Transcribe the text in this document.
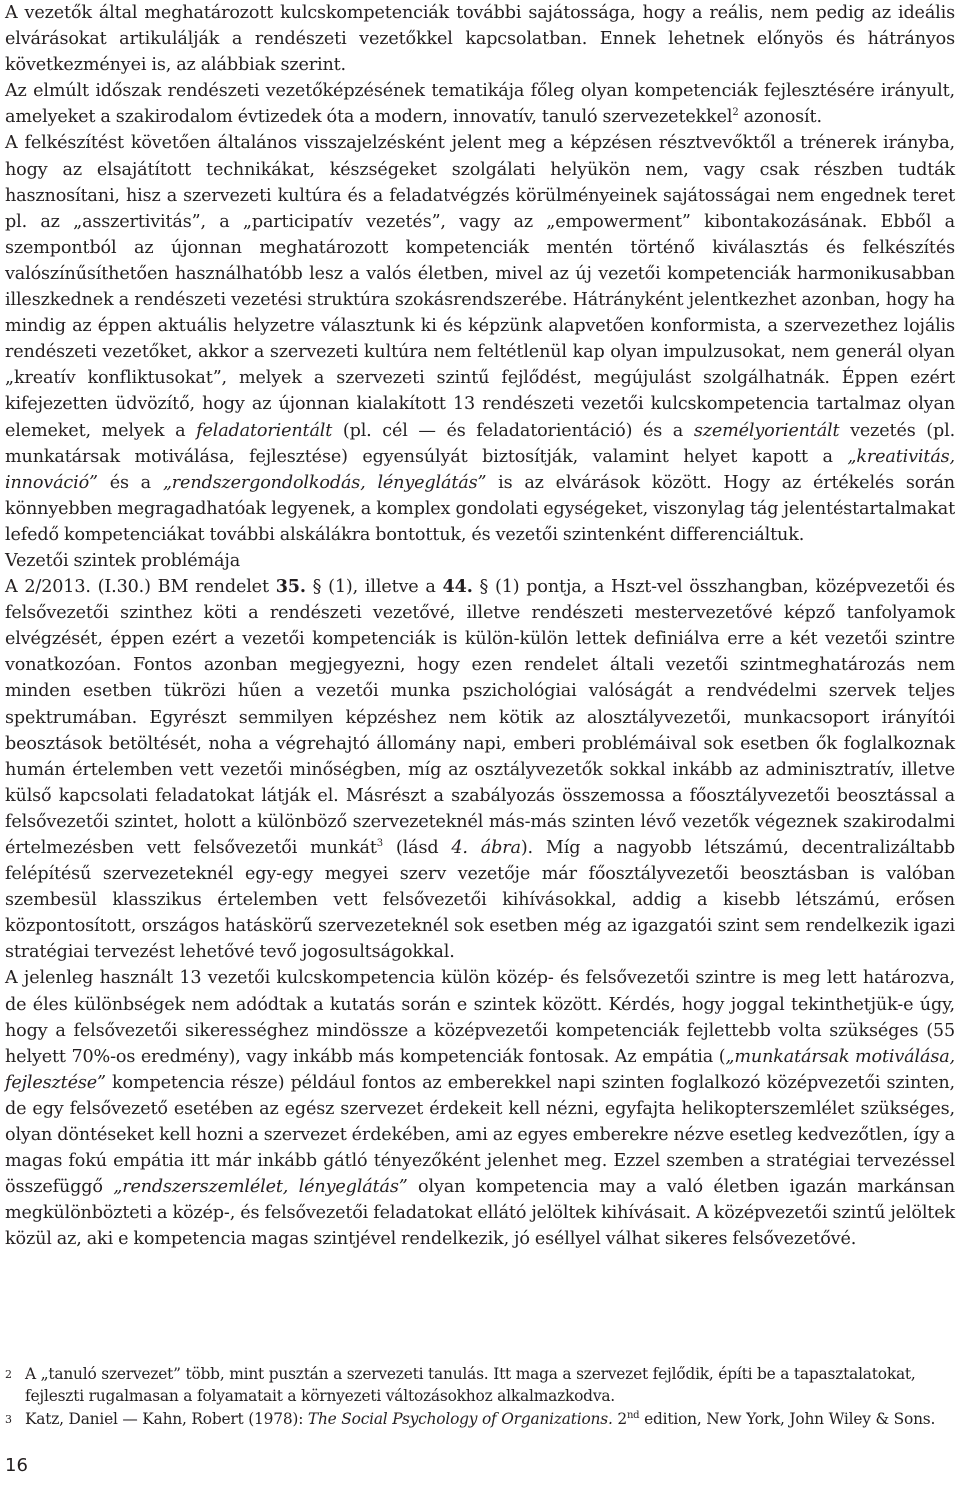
A vezetők által meghatározott kulcskompetenciák további sajátossága, hogy a reális, nem pedig az ideális elvárásokat artikulálják a rendészeti vezetőkkel kapcsolatban. Ennek lehetnek előnyös és hátrányos következményei is, az alábbiak szerint.

Az elmúlt időszak rendészeti vezetőképzésének tematikája főleg olyan kompetenciák fejlesztésére irányult, amelyeket a szakirodalom évtizedek óta a modern, innovatív, tanuló szervezetekkel$^2$ azonosít.

A felkészítést követően általános visszajelzésként jelent meg a képzésen résztvevőktől a trénerek irányba, hogy az elsajátított technikákat, készségeket szolgálati helyükön nem, vagy csak részben tudták hasznosítani, hisz a szervezeti kultúra és a feladatvégzés körülményeinek sajátosságai nem engednek teret pl. az „asszertivitás”, a „participatív vezetés”, vagy az „empowerment” kibontakozásának. Ebből a szempontból az újonnan meghatározott kompetenciák mentén történő kiválasztás és felkészítés valószínűsíthetően használhatóbb lesz a valós életben, mivel az új vezetői kompetenciák harmonikusabban illeszkednek a rendészeti vezetési struktúra szokásrendszerébe. Hátrányként jelentkezhet azonban, hogy ha mindig az éppen aktuális helyzetre választunk ki és képzünk alapvetően konformista, a szervezethez lojális rendészeti vezetőket, akkor a szervezeti kultúra nem feltétlenül kap olyan impulzusokat, nem generál olyan „kreatív konfliktusokat”, melyek a szervezeti szintű fejlődést, megújulást szolgálhatnák. Éppen ezért kifejezetten üdvözítő, hogy az újonnan kialakított 13 rendészeti vezetői kulcskompetencia tartalmaz olyan elemeket, melyek a feladatorientált (pl. cél — és feladatorientáció) és a személyorientált vezetés (pl. munkatársak motiválása, fejlesztése) egyensúlyát biztosítják, valamint helyet kapott a „kreativitás, innováció” és a „rendszergondolkodás, lényeglátás” is az elvárások között. Hogy az értékelés során könnyebben megragadhatóak legyenek, a komplex gondolati egységeket, viszonylag tág jelentéstartalmakat lefedő kompetenciákat további alskálákra bontottuk, és vezetői szintenként differenciáltuk.

Vezetői szintek problémája

A 2/2013. (I.30.) BM rendelet 35. § (1), illetve a 44. § (1) pontja, a Hszt-vel összhangban, középvezetői és felsővezetői szinthez köti a rendészeti vezetővé, illetve rendészeti mestervezetővé képző tanfolyamok elvégzését, éppen ezért a vezetői kompetenciák is külön-külön lettek definiálva erre a két vezetői szintre vonatkozóan. Fontos azonban megjegyezni, hogy ezen rendelet általi vezetői szintmeghatározás nem minden esetben tükrözi hűen a vezetői munka pszichológiai valóságát a rendvédelmi szervek teljes spektrumában. Egyrészt semmilyen képzéshez nem kötik az alosztályvezetői, munkacsoport irányítói beosztások betöltését, noha a végrehajtó állomány napi, emberi problémáival sok esetben ők foglalkoznak humán értelemben vett vezetői minőségben, míg az osztályvezetők sokkal inkább az adminisztratív, illetve külső kapcsolati feladatokat látják el. Másrészt a szabályozás összemossa a főosztályvezetői beosztással a felsővezetői szintet, holott a különböző szervezeteknél más-más szinten lévő vezetők végeznek szakirodalmi értelmezésben vett felsővezetői munkát$^3$ (lásd 4. ábra). Míg a nagyobb létszámú, decentralizáltabb felépítésű szervezeteknél egy-egy megyei szerv vezetője már főosztályvezetői beosztásban is valóban szembesül klasszikus értelemben vett felsővezetői kihívásokkal, addig a kisebb létszámú, erősen központosított, országos hatáskörű szervezeteknél sok esetben még az igazgatói szint sem rendelkezik igazi stratégiai tervezést lehetővé tevő jogosultságokkal.

A jelenleg használt 13 vezetői kulcskompetencia külön közép- és felsővezetői szintre is meg lett határozva, de éles különbségek nem adódtak a kutatás során e szintek között. Kérdés, hogy joggal tekinthetjük-e úgy, hogy a felsővezetői sikerességhez mindössze a középvezetői kompetenciák fejlettebb volta szükséges (55 helyett 70%-os eredmény), vagy inkább más kompetenciák fontosak. Az empátia („munkatársak motiválása, fejlesztése” kompetencia része) például fontos az emberekkel napi szinten foglalkozó középvezetői szinten, de egy felsővezető esetében az egész szervezet érdekeit kell nézni, egyfajta helikopterszemlélet szükséges, olyan döntéseket kell hozni a szervezet érdekében, ami az egyes emberekre nézve esetleg kedvezőtlen, így a magas fokú empátia itt már inkább gátló tényezőként jelenhet meg. Ezzel szemben a stratégiai tervezéssel összefüggő „rendszerszemlélet, lényeglátás” olyan kompetencia may a való életben igazán markánsan megkülönbözteti a közép-, és felsővezetői feladatokat ellátó jelöltek kihívásait. A középvezetői szintű jelöltek közül az, aki e kompetencia magas szintjével rendelkezik, jó eséllyel válhat sikeres felsővezetővé.

2 A „tanuló szervezet” több, mint pusztán a szervezeti tanulás. Itt maga a szervezet fejlődik, építi be a tapasztalatokat, fejleszti rugalmasan a folyamatait a környezeti változásokhoz alkalmazkodva.
3 Katz, Daniel — Kahn, Robert (1978): The Social Psychology of Organizations. 2nd edition, New York, John Wiley & Sons.
16
